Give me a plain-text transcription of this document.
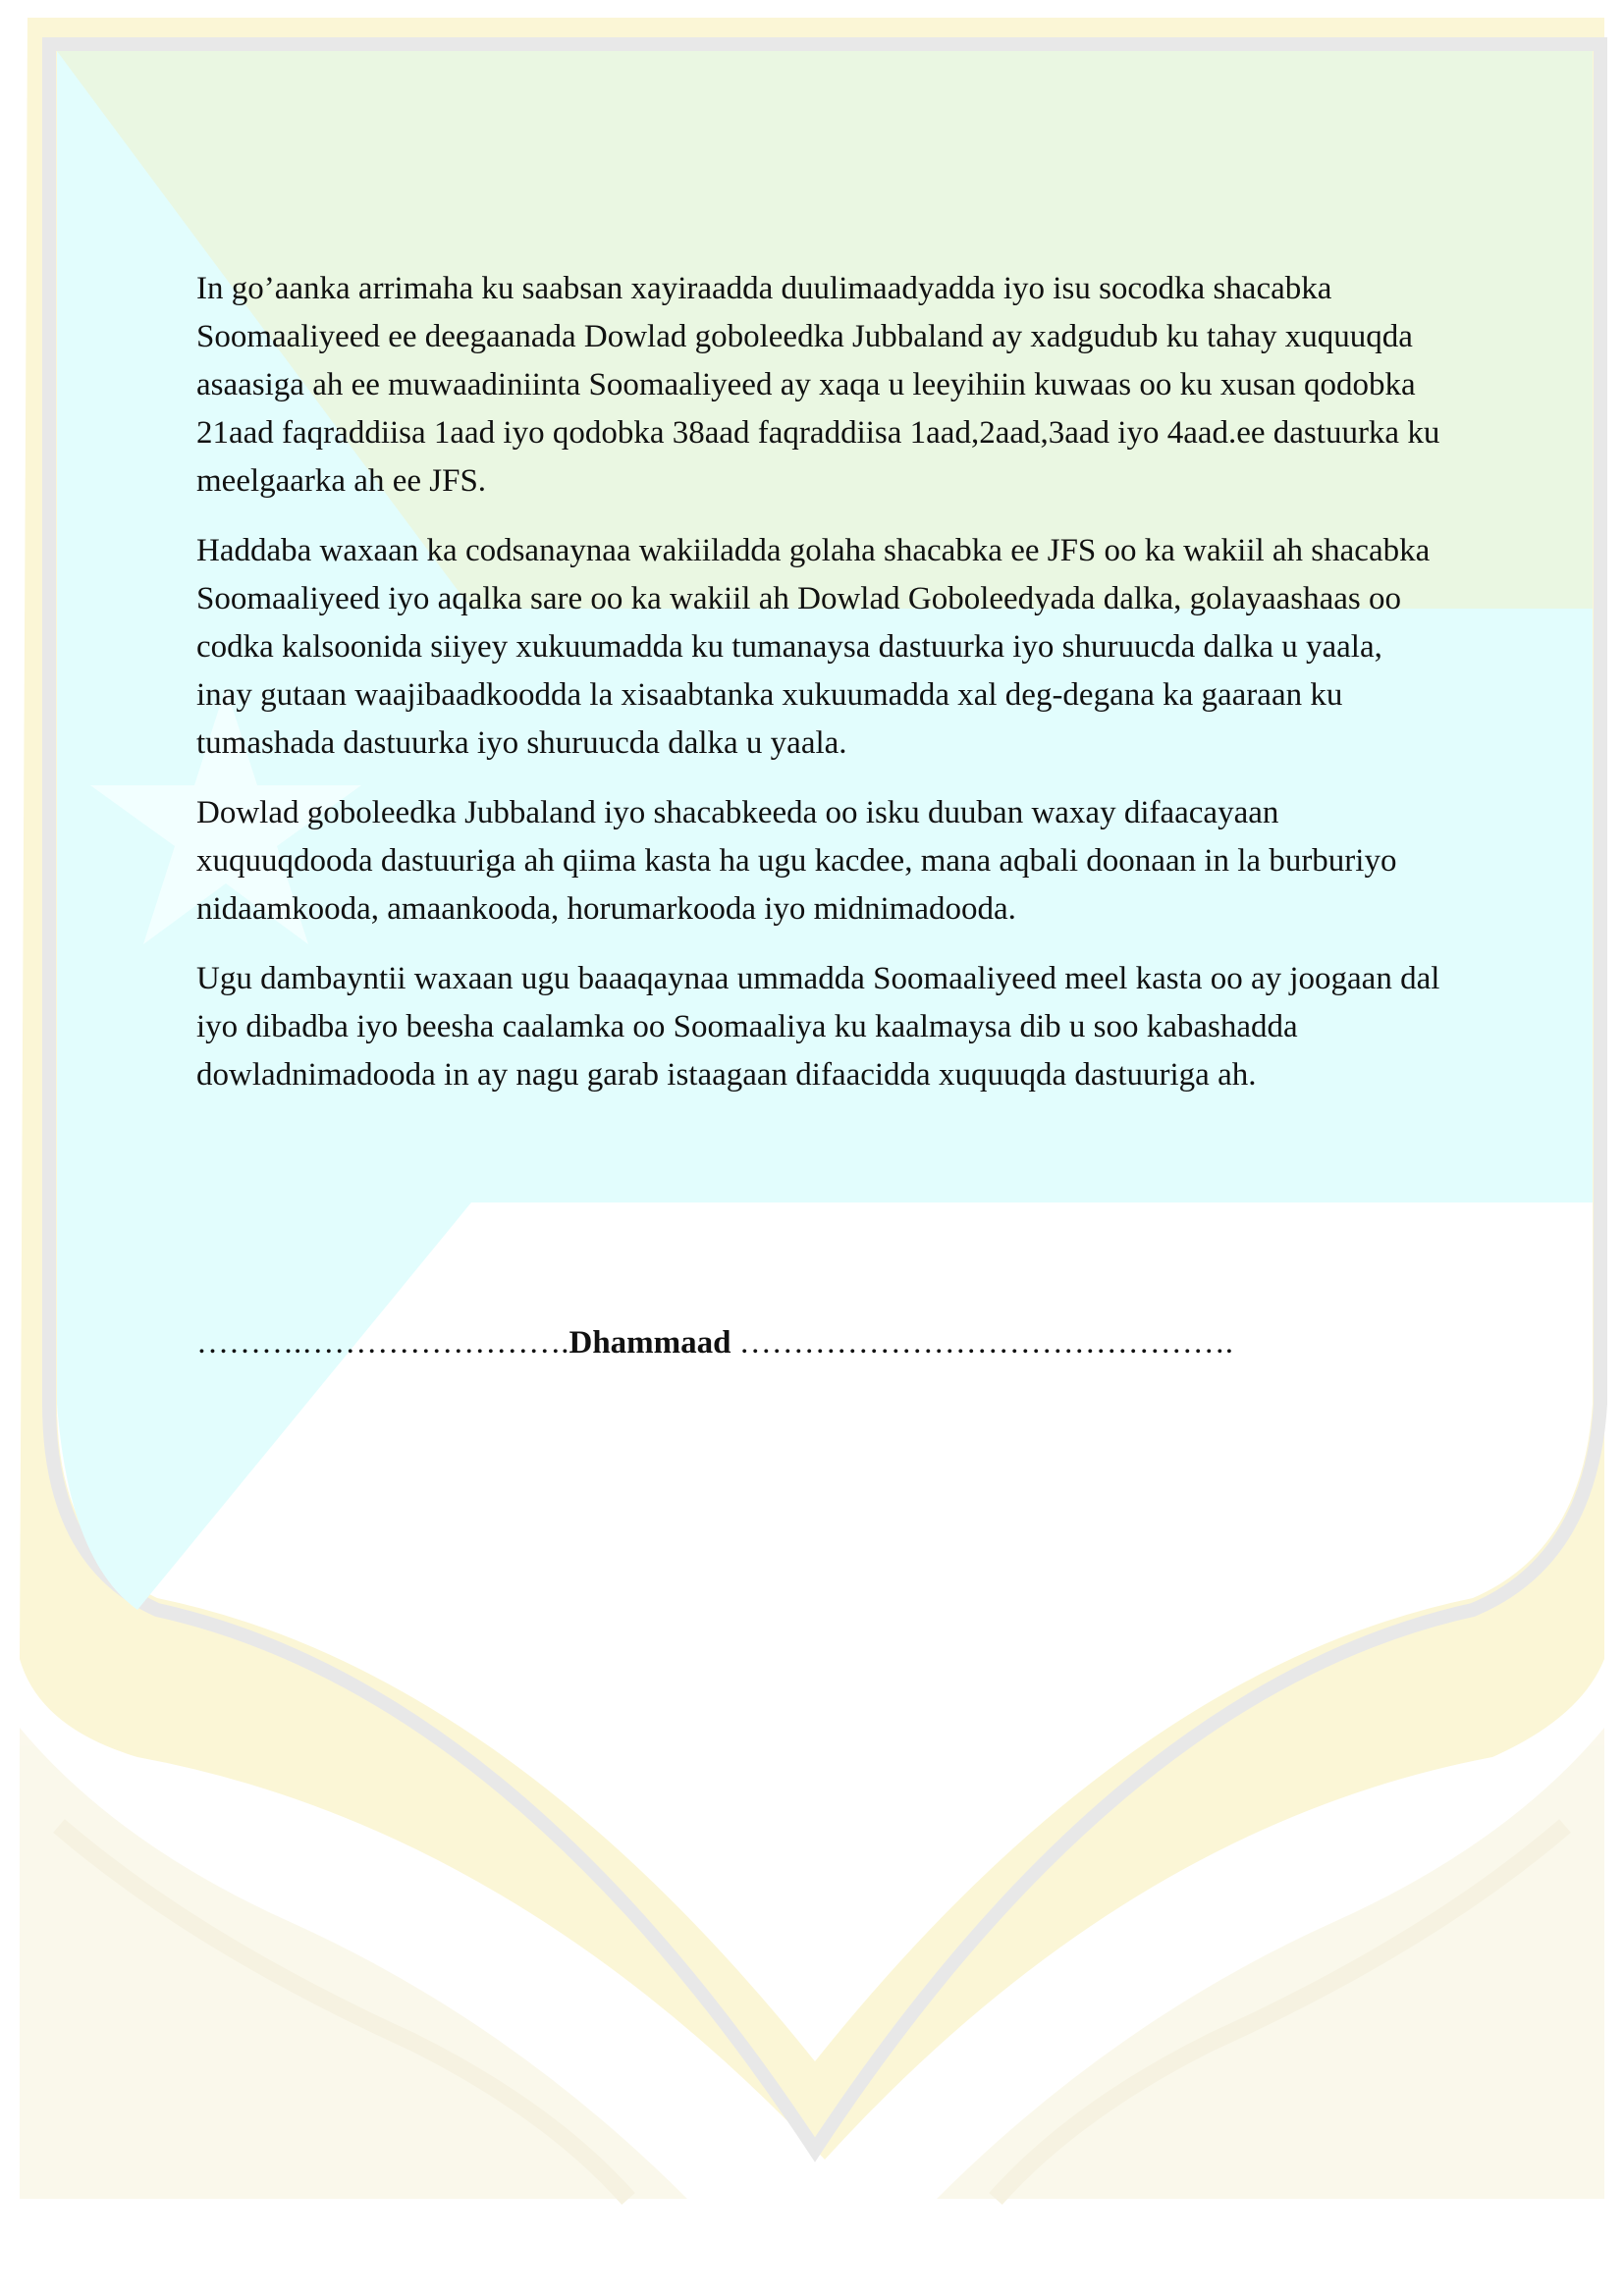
In go’aanka arrimaha ku saabsan xayiraadda duulimaadyadda iyo isu socodka shacabka Soomaaliyeed ee deegaanada Dowlad goboleedka Jubbaland ay xadgudub ku tahay xuquuqda asaasiga ah ee muwaadiniinta Soomaaliyeed ay xaqa u leeyihiin kuwaas oo ku xusan qodobka 21aad faqraddiisa 1aad iyo qodobka 38aad faqraddiisa 1aad,2aad,3aad iyo 4aad.ee dastuurka ku meelgaarka ah ee JFS.

Haddaba waxaan ka codsanaynaa wakiiladda golaha shacabka ee JFS oo ka wakiil ah shacabka Soomaaliyeed iyo aqalka sare oo ka wakiil ah Dowlad Goboleedyada dalka, golayaashaas oo codka kalsoonida siiyey xukuumadda ku tumanaysa dastuurka iyo shuruucda dalka u yaala, inay gutaan waajibaadkoodda la xisaabtanka xukuumadda xal deg-degana ka gaaraan ku tumashada dastuurka iyo shuruucda dalka u yaala.

Dowlad goboleedka Jubbaland iyo shacabkeeda oo isku duuban waxay difaacayaan xuquuqdooda dastuuriga ah qiima kasta ha ugu kacdee, mana aqbali doonaan in la burburiyo nidaamkooda, amaankooda, horumarkooda iyo midnimadooda.

Ugu dambayntii waxaan ugu baaaqaynaa ummadda Soomaaliyeed meel kasta oo ay joogaan dal iyo dibadba iyo beesha caalamka oo Soomaaliya ku kaalmaysa dib u soo kabashadda dowladnimadooda in ay nagu garab istaagaan difaacidda xuquuqda dastuuriga ah.

……….…………………….Dhammaad ……………………………………….
